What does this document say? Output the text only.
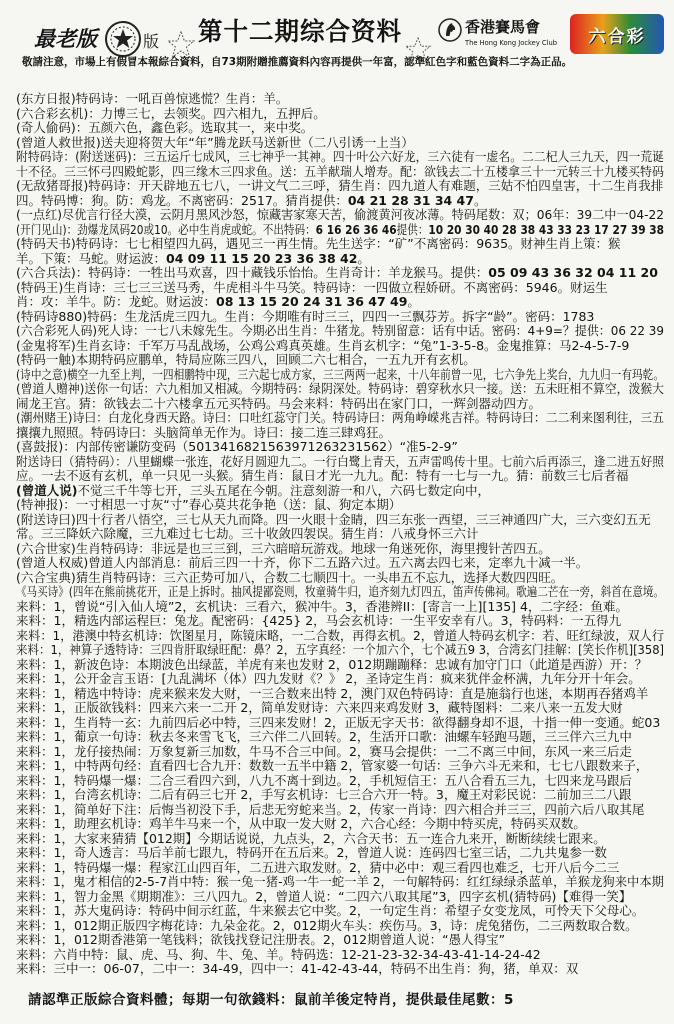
最老版	版 第十二期综合资料	香港賽馬會
The Hong Kong Jockey Club 六合彩
敬請注意，市場上有假冒本報綜合資料，自73期附贈推薦資料內容再提供一年富，認準紅色字和藍色資料二字為正品。
(东方日报)特码诗：一吼百兽惊逃慌？生肖：羊。
(六合彩玄机)：力博三七，去领奖。四六相九，五押后。
(奇人偷码)：五颜六色，鑫色彩。选取其一，来中奖。
(曾道人救世报)送夫迎将贺大年“年”腾龙跃马送新世（二八引诱一上当）
附特码诗：(附送迷码)：三五运斤七成风，三七神乎一其神。四十叶公六好龙，三六徒有一虚名。二二杞人三九天，四一荒诞
十不径。三三怀弓四殿蛇影，四三缘木三四求鱼。送：五羊献瑞人增寿。配：欲钱去二十五楼拿三十一元转三十九楼买特码
(无敌猪哥报)特码诗：开天辟地五七八，一讲文气二三呼，猜生肖：四九道人有难题，三姑不怕四皇害，十二生肖我排
四。特码博：狗。防：鸡龙。不离密码：2517。猜肖提供：04 21 28 31 34 47。
(一点红)尽优言行径大漠，云阴月黑风沙怒，惊藏害家寒天苦，偷渡黄河夜冰薄。特码尾数：双；06年：39二中一04-22
(开门见山)：劲爆龙凤码20或10。必中生肖虎或蛇。不出特码：6 16 26 36 46提供：10 20 30 40 28 38 43 33 23 17 27 39 38
(特码天书)特码诗：七七相望四九码，遇见三一再生情。先生送字：“矿”不离密码：9635。财神生肖上策：猴
羊。下策：马蛇。财运波：04 09 11 15 20 23 36 38 42。
(六合兵法)：特码诗：一牲出马欢喜，四十藏钱乐怡怡。生肖奇计：羊龙猴马。提供：05 09 43 36 32 04 11 20
(特码王)生肖诗：三七三三送马秀，牛虎相斗牛马笑。特码诗：一四做立程娇研。不离密码：5946。财运生
肖：攻：羊牛。防：龙蛇。财运波：08 13 15 20 24 31 36 47 49。
(特码诗880)特码：生龙活虎三四九。生肖：今期唯有时三三，四四一三飘芬芳。拆字“龄”。密码：1783
(六合彩死人码)死人诗：一七八未嫁先生。今期必出生肖：牛猪龙。特别留意：话有中话。密码：4+9=？提供：06 22 39
(金鬼将军)生肖玄诗：千军万马乱战场，公鸡公鸡真英雄。生肖玄机字：“兔”1-3-5-8。金鬼推算：马2-4-5-7-9
(特码一触)本期特码应鹏单，特局应陈三四八，回顾二六七相合，一五九开有玄机。
(诗中之意)横空一九至上判，一四相鹏特中现，三六起七成方家，三三两两一起来，十八年前曾一见，七六争先上奖台，九九归一有玛乾。
(曾道人赠神)送你一句话：六九相加又相减。今期特码：绿阴深处。特码诗：碧穿秋水只一接。送：五未旺相不算空，泼猴大
闹龙王宫。猜：欲钱去二十六楼拿五元买特码。马会来料：特码出在家门口，一辉剑器动四方。
(潮州赌王)诗曰：白龙化身西天路。诗曰：口吐红蕊守门关。特码诗曰：两角峥嵘兆吉祥。特码诗曰：二二利来图利往，三五
攘攘九照照。特码诗曰：头脑简单无作为。诗曰：接二连三肆鸡狂。
(喜鼓报)：内部传密谦防变码（5013416821563971263231562）“准5-2-9”
附送诗曰（猜特码）：八里蝴蝶一张连，花好月圆迎九二。一行白鹭上青天，五声雷鸣传十里。七前六后再添三，逢二进五好照
应。一去不返有玄机，单一只见一头猴。猜生肖：鼠日才光一九九。配：特有一七与一九。猜：前数三七后者福
(曾道人说)不觉三千牛等七开，三头五尾在今朝。注意刻游一和八，六码七数定向中，
(特神报)：一寸相思一寸灰“寸”春心莫共花争艳（送：鼠、狗定本期）
(附送诗曰)四十行者八悟空，三七从天九而降。四一火眼十金睛，四三东张一西望，三三神通四广大，三六变幻五无
常。三三降妖六除魔，三九难过七七劫。三十收敛四袈误。猜生肖：八戒身怀三六计
(六合世家)生肖特码诗：非远是也三三到，三六暗暗玩游戏。地球一角迷死你，海里搜针苦四五。
(曾道人权威)曾道人内部消息：前后三四一十齐，你下二五路六过。五六离去四七来，定率九十减一半。
(六合宝典)猜生肖特码诗：三六正势可加八，合数二七顺四十。一头串五不忘九，选择大数四四旺。
《马买诗》(四年在熊前挑花开，正是上拆时。抽风提鄙瓷则，牧童骑牛归，追齐刻九灯四五，笛声传佛祠。歌遍二芒在一旁，斜首在意境。
来料：1，曾说“引入仙人境”2，玄机诀：三看六，猴冲牛。3，香港辨II：[寄言一上][135] 4，二字经：鱼难。
来料：1，精选内部运程巨：兔龙。配密码：{425} 2，马会玄机诗：一生平安幸有八。3，特码料：一五得九
来料：1，港澳中特玄机诗：饮图星月，陈镜床略，一二合数，再得玄机。2，曾道人特码玄机字：若、旺红绿波，双人行
来料：1，神算子透特诗：三四肯肝取绿旺配：鼻？2，五字真经：一个加六个，七个减五9 3，合湾玄门挂解：[笑长作机][358]
来料：1，新波色诗：本期波色出绿蓝，羊虎有来也发财 2，012期蹦蹦释：忠诚有加守门口（此道是西游）开：？
来料：1，公开金言玉语：[九乱满坏（体）四九发财《？》 2，圣诗定生肖：疯来犹伴金杯满，九年分开十年会。
来料：1，精选中特诗：虎来猴来发大财，一三合数来出特 2，澳门双色特码诗：直是施翁行也迷，本期再吞猪鸡羊
来料：1，正版欲钱料：四来六来一二开 2，简单发财诗：六来四来鸡发财 3，藏特图料：二来八来一五发大财
来料：1，生肖特一玄：九前四后必中特，三四来发财！2，正版无字天书：欲得翻身却不退，十指一伸一变通。蛇03
来料：1，葡京一句诗：秋去冬来雪飞飞，三六伴二八回转。2，生活开口歌：油螺车轻跑马题，三三伴六三九中
来料：1，龙仔接热闹：万象复新三加数，牛马不合三中间。2，赛马会提供：一二不离三中间，东风一来三后走
来料：1，中特两句经：直看四七合九开：数数一五半中籍 2，管家婆一句话：三争六斗无来和，七七八跟数来子，
来料：1，特码爆一爆：二合三看四六到，八九不离十到边。2，手机短信王：五八合看五三九，七四来龙马跟后
来料：1，台湾玄机诗：二后有码三七开 2，手写玄机诗：七三合六开一特。3，魔王对彩民说：二前加三二八跟
来料：1，简单好下注：后悔当初没下手，后悲无穷蛇来当。2，传家一肖诗：四六相合并三三，四前六后八取其尾
来料：1，助理玄机诗：鸡羊牛马来一个，从中取一发大财 2，六合心经：今期中特买虎，特码买双数。
来料：1，大家来猜猜【012期】今期话说说，九点头，2，六合天书：五一连合九来开，断断续续七跟来。
来料：1，奇人透言：马后羊前七跟九，特码开在五后来。2，曾道人说：连码四七室三话，二九共鬼参一数
来料：1，特码爆一爆：程家江山四百年，二五进六取发财。2，猜中必中：观三看四也难乏，七开八后今二三
来料：1，鬼才相信的2-5-7肖中特：猴一兔一猪-鸡一牛一蛇一羊 2，一句解特码：红红绿绿杀蓝单，羊猴龙狗来中本期
来料：1，智力金黑《期期准》：三八四九。2，曾道人说：“二四六八取其尾”3，四字玄机(猜特码)【难得一笑】
来料：1，苏大鬼码诗：特码中间示红蓝，牛来猴去它中奖。2，一句定生肖：希望子女变龙凤，可怜天下父母心。
来料：1，012期正版四字梅花诗：九朵金花。2，012期火车头：疾伤马。3，诗：虎兔猪伤，二三两数取合数。
来料：1，012期香港第一笔钱料；欲钱找登记注册表。2，012期曾道人说：“愚人得宝”
来料：六肖中特：鼠、虎、马、狗、牛、兔、羊。特码选：12-21-23-32-34-43-41-14-24-42
来料：三中一：06-07，二中一：34-49，四中一：41-42-43-44，特码不出生肖：狗，猪，单双：双
請認準正版綜合資料體；每期一句欲錢料：鼠前羊後定特肖，提供最佳尾數：5
